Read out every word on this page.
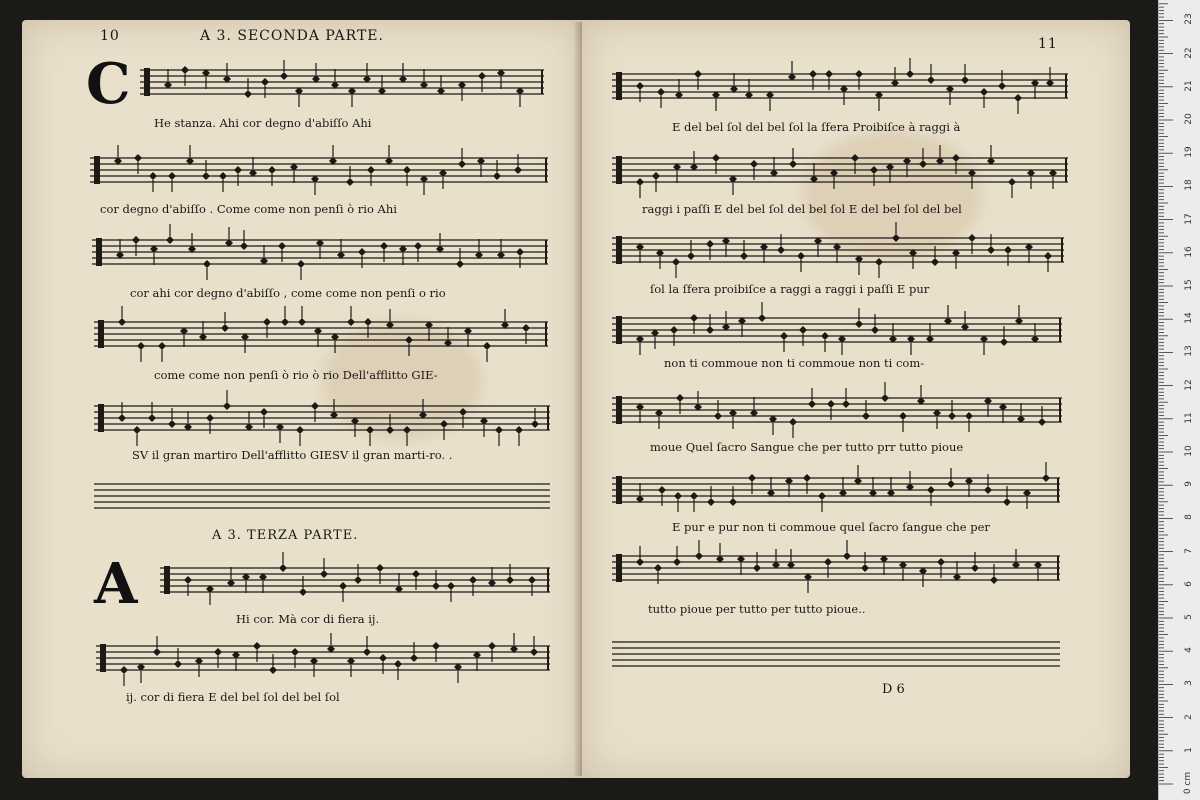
10	A 3. SECONDA PARTE.
C
He stanza. Ahi cor degno d'abiſſo Ahi
cor degno d'abiſſo . Come come non penſi ò rio Ahi
cor ahi cor degno d'abiſſo , come come non penſi o rio
come come non penſi ò rio ò rio Dell'afflitto GIE-
SV il gran martiro Dell'afflitto GIESV il gran marti-ro. .
A 3. TERZA PARTE.
A
Hi cor. Mà cor di fiera ij.
ij. cor di fiera E del bel ſol del bel ſol
11
E del bel ſol del bel ſol la ſfera Proibiſce à raggi à
raggi i paſſi E del bel ſol del bel ſol E del bel ſol del bel
ſol la ſfera proibiſce a raggi a raggi i paſſi E pur
non ti commoue non ti commoue non ti com-
moue Quel ſacro Sangue che per tutto prr tutto pioue
E pur e pur non ti commoue quel ſacro ſangue che per
tutto pioue per tutto per tutto pioue..
D 6
0 cm
1
2
3
4
5
6
7
8
9
10
11
12
13
14
15
16
17
18
19
20
21
22
23
